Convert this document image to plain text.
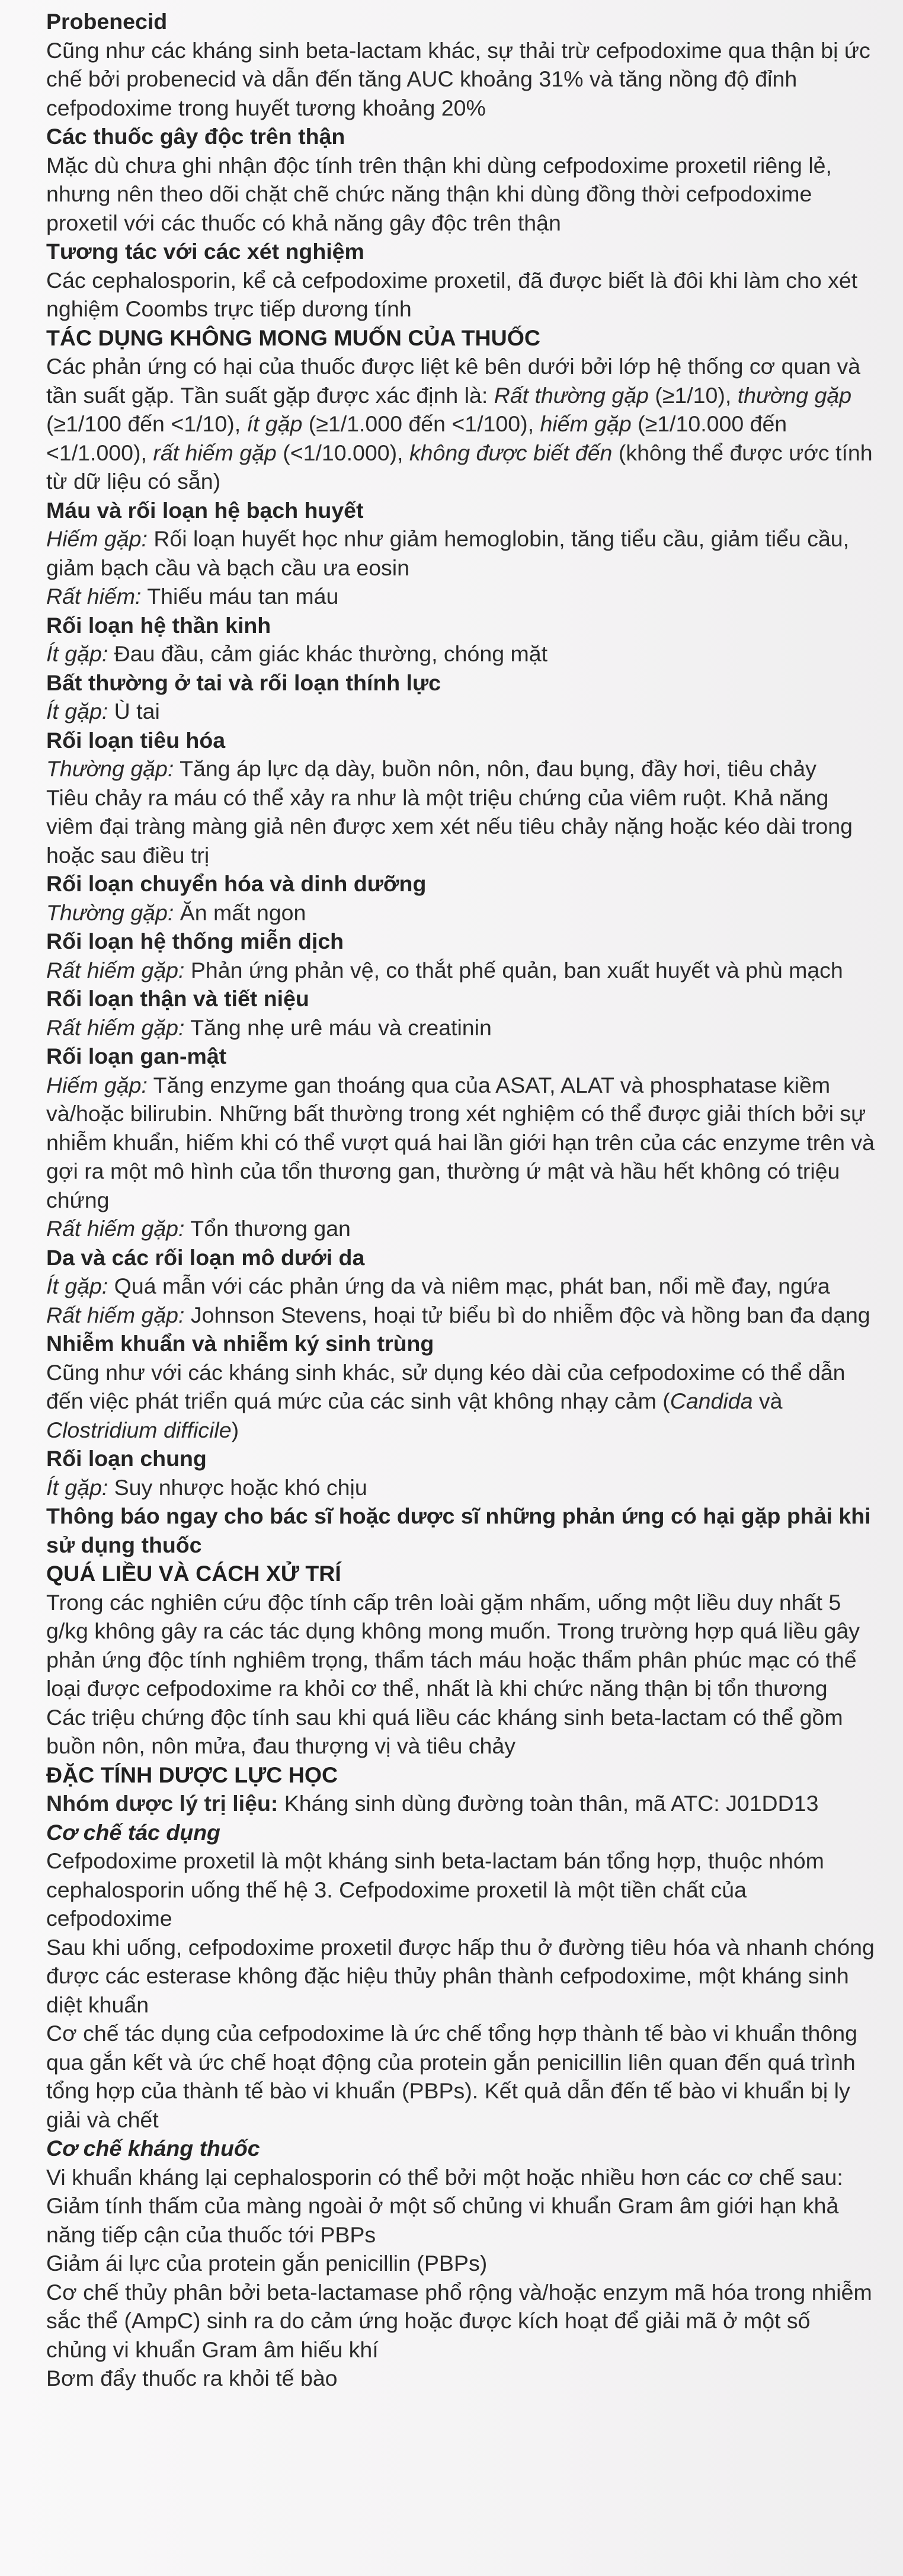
Probenecid

Cũng như các kháng sinh beta-lactam khác, sự thải trừ cefpodoxime qua thận bị ức chế bởi probenecid và dẫn đến tăng AUC khoảng 31% và tăng nồng độ đỉnh cefpodoxime trong huyết tương khoảng 20%

Các thuốc gây độc trên thận

Mặc dù chưa ghi nhận độc tính trên thận khi dùng cefpodoxime proxetil riêng lẻ, nhưng nên theo dõi chặt chẽ chức năng thận khi dùng đồng thời cefpodoxime proxetil với các thuốc có khả năng gây độc trên thận

Tương tác với các xét nghiệm

Các cephalosporin, kể cả cefpodoxime proxetil, đã được biết là đôi khi làm cho xét nghiệm Coombs trực tiếp dương tính

TÁC DỤNG KHÔNG MONG MUỐN CỦA THUỐC

Các phản ứng có hại của thuốc được liệt kê bên dưới bởi lớp hệ thống cơ quan và tần suất gặp. Tần suất gặp được xác định là: Rất thường gặp (≥1/10), thường gặp (≥1/100 đến <1/10), ít gặp (≥1/1.000 đến <1/100), hiếm gặp (≥1/10.000 đến <1/1.000), rất hiếm gặp (<1/10.000), không được biết đến (không thể được ước tính từ dữ liệu có sẵn)

Máu và rối loạn hệ bạch huyết

Hiếm gặp: Rối loạn huyết học như giảm hemoglobin, tăng tiểu cầu, giảm tiểu cầu, giảm bạch cầu và bạch cầu ưa eosin

Rất hiếm: Thiếu máu tan máu

Rối loạn hệ thần kinh

Ít gặp: Đau đầu, cảm giác khác thường, chóng mặt

Bất thường ở tai và rối loạn thính lực

Ít gặp: Ù tai

Rối loạn tiêu hóa

Thường gặp: Tăng áp lực dạ dày, buồn nôn, nôn, đau bụng, đầy hơi, tiêu chảy

Tiêu chảy ra máu có thể xảy ra như là một triệu chứng của viêm ruột. Khả năng viêm đại tràng màng giả nên được xem xét nếu tiêu chảy nặng hoặc kéo dài trong hoặc sau điều trị

Rối loạn chuyển hóa và dinh dưỡng

Thường gặp: Ăn mất ngon

Rối loạn hệ thống miễn dịch

Rất hiếm gặp: Phản ứng phản vệ, co thắt phế quản, ban xuất huyết và phù mạch

Rối loạn thận và tiết niệu

Rất hiếm gặp: Tăng nhẹ urê máu và creatinin

Rối loạn gan-mật

Hiếm gặp: Tăng enzyme gan thoáng qua của ASAT, ALAT và phosphatase kiềm và/hoặc bilirubin. Những bất thường trong xét nghiệm có thể được giải thích bởi sự nhiễm khuẩn, hiếm khi có thể vượt quá hai lần giới hạn trên của các enzyme trên và gợi ra một mô hình của tổn thương gan, thường ứ mật và hầu hết không có triệu chứng

Rất hiếm gặp: Tổn thương gan

Da và các rối loạn mô dưới da

Ít gặp: Quá mẫn với các phản ứng da và niêm mạc, phát ban, nổi mề đay, ngứa

Rất hiếm gặp: Johnson Stevens, hoại tử biểu bì do nhiễm độc và hồng ban đa dạng

Nhiễm khuẩn và nhiễm ký sinh trùng

Cũng như với các kháng sinh khác, sử dụng kéo dài của cefpodoxime có thể dẫn đến việc phát triển quá mức của các sinh vật không nhạy cảm (Candida và Clostridium difficile)

Rối loạn chung

Ít gặp: Suy nhược hoặc khó chịu

Thông báo ngay cho bác sĩ hoặc dược sĩ những phản ứng có hại gặp phải khi sử dụng thuốc
QUÁ LIỀU VÀ CÁCH XỬ TRÍ

Trong các nghiên cứu độc tính cấp trên loài gặm nhấm, uống một liều duy nhất 5 g/kg không gây ra các tác dụng không mong muốn. Trong trường hợp quá liều gây phản ứng độc tính nghiêm trọng, thẩm tách máu hoặc thẩm phân phúc mạc có thể loại được cefpodoxime ra khỏi cơ thể, nhất là khi chức năng thận bị tổn thương

Các triệu chứng độc tính sau khi quá liều các kháng sinh beta-lactam có thể gồm buồn nôn, nôn mửa, đau thượng vị và tiêu chảy

ĐẶC TÍNH DƯỢC LỰC HỌC

Nhóm dược lý trị liệu: Kháng sinh dùng đường toàn thân, mã ATC: J01DD13

Cơ chế tác dụng

Cefpodoxime proxetil là một kháng sinh beta-lactam bán tổng hợp, thuộc nhóm cephalosporin uống thế hệ 3. Cefpodoxime proxetil là một tiền chất của cefpodoxime

Sau khi uống, cefpodoxime proxetil được hấp thu ở đường tiêu hóa và nhanh chóng được các esterase không đặc hiệu thủy phân thành cefpodoxime, một kháng sinh diệt khuẩn

Cơ chế tác dụng của cefpodoxime là ức chế tổng hợp thành tế bào vi khuẩn thông qua gắn kết và ức chế hoạt động của protein gắn penicillin liên quan đến quá trình tổng hợp của thành tế bào vi khuẩn (PBPs). Kết quả dẫn đến tế bào vi khuẩn bị ly giải và chết

Cơ chế kháng thuốc

Vi khuẩn kháng lại cephalosporin có thể bởi một hoặc nhiều hơn các cơ chế sau:

Giảm tính thấm của màng ngoài ở một số chủng vi khuẩn Gram âm giới hạn khả năng tiếp cận của thuốc tới PBPs

Giảm ái lực của protein gắn penicillin (PBPs)

Cơ chế thủy phân bởi beta-lactamase phổ rộng và/hoặc enzym mã hóa trong nhiễm sắc thể (AmpC) sinh ra do cảm ứng hoặc được kích hoạt để giải mã ở một số chủng vi khuẩn Gram âm hiếu khí

Bơm đẩy thuốc ra khỏi tế bào
